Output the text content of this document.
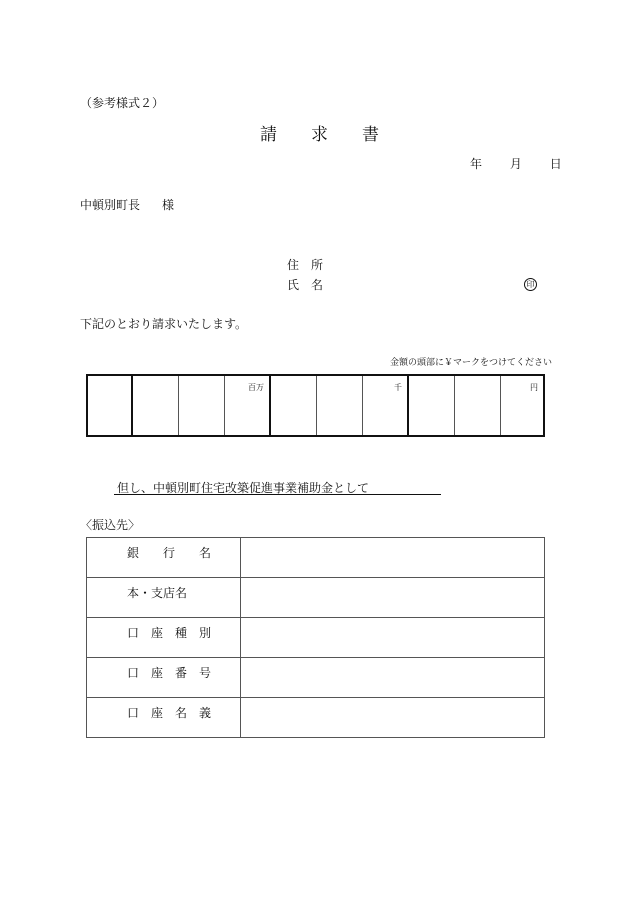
（参考様式２）
請　　求　　書
年 月 日
中頓別町長 様
住　所
氏　名	印
下記のとおり請求いたします。
金額の頭部に￥マークをつけてください
百万	千	円
但し、中頓別町住宅改築促進事業補助金として
〈振込先〉
銀　　行　　名	

本・支店名	

口　座　種　別	

口　座　番　号	

口　座　名　義	
